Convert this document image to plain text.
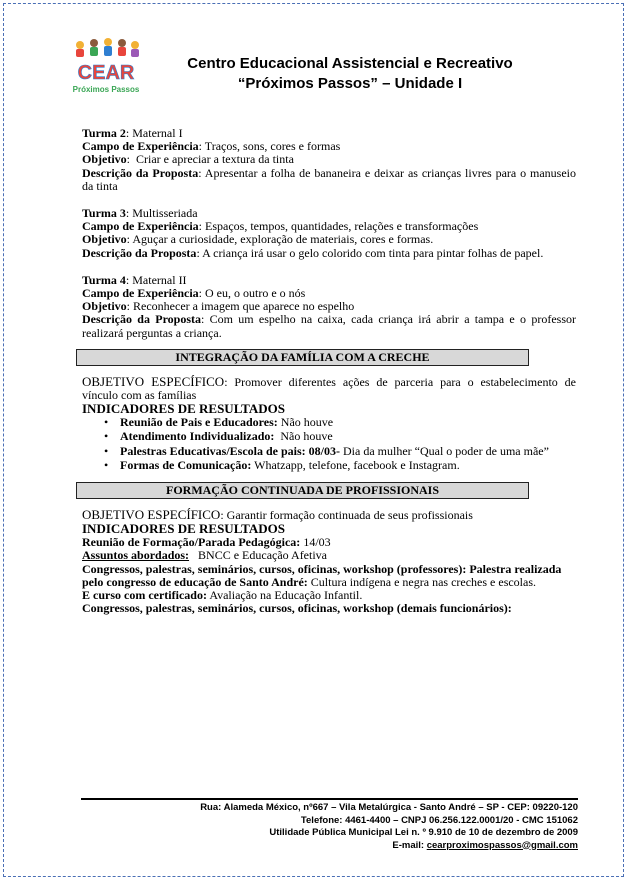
CEAR
Próximos Passos
Centro Educacional Assistencial e Recreativo
“Próximos Passos” – Unidade I

Turma 2: Maternal I

Campo de Experiência: Traços, sons, cores e formas

Objetivo:  Criar e apreciar a textura da tinta

Descrição da Proposta: Apresentar a folha de bananeira e deixar as crianças livres para o manuseio da tinta

Turma 3: Multisseriada

Campo de Experiência: Espaços, tempos, quantidades, relações e transformações

Objetivo: Aguçar a curiosidade, exploração de materiais, cores e formas.

Descrição da Proposta: A criança irá usar o gelo colorido com tinta para pintar folhas de papel.

Turma 4: Maternal II

Campo de Experiência: O eu, o outro e o nós

Objetivo: Reconhecer a imagem que aparece no espelho

Descrição da Proposta: Com um espelho na caixa, cada criança irá abrir a tampa e o professor realizará perguntas a criança.

INTEGRAÇÃO DA FAMÍLIA COM A CRECHE

OBJETIVO ESPECÍFICO: Promover diferentes ações de parceria para o estabelecimento de vínculo com as famílias

INDICADORES DE RESULTADOS

• Reunião de Pais e Educadores: Não houve
• Atendimento Individualizado: Não houve
• Palestras Educativas/Escola de pais: 08/03- Dia da mulher “Qual o poder de uma mãe”
• Formas de Comunicação: Whatzapp, telefone, facebook e Instagram.
FORMAÇÃO CONTINUADA DE PROFISSIONAIS

OBJETIVO ESPECÍFICO: Garantir formação continuada de seus profissionais

INDICADORES DE RESULTADOS

Reunião de Formação/Parada Pedagógica: 14/03

Assuntos abordados: BNCC e Educação Afetiva

Congressos, palestras, seminários, cursos, oficinas, workshop (professores): Palestra realizada pelo congresso de educação de Santo André: Cultura indígena e negra nas creches e escolas.

E curso com certificado: Avaliação na Educação Infantil.

Congressos, palestras, seminários, cursos, oficinas, workshop (demais funcionários):

Rua: Alameda México, nº667 – Vila Metalúrgica - Santo André – SP - CEP: 09220-120
Telefone: 4461-4400 – CNPJ 06.256.122.0001/20 - CMC 151062
Utilidade Pública Municipal Lei n. º 9.910 de 10 de dezembro de 2009
E-mail: cearproximospassos@gmail.com
